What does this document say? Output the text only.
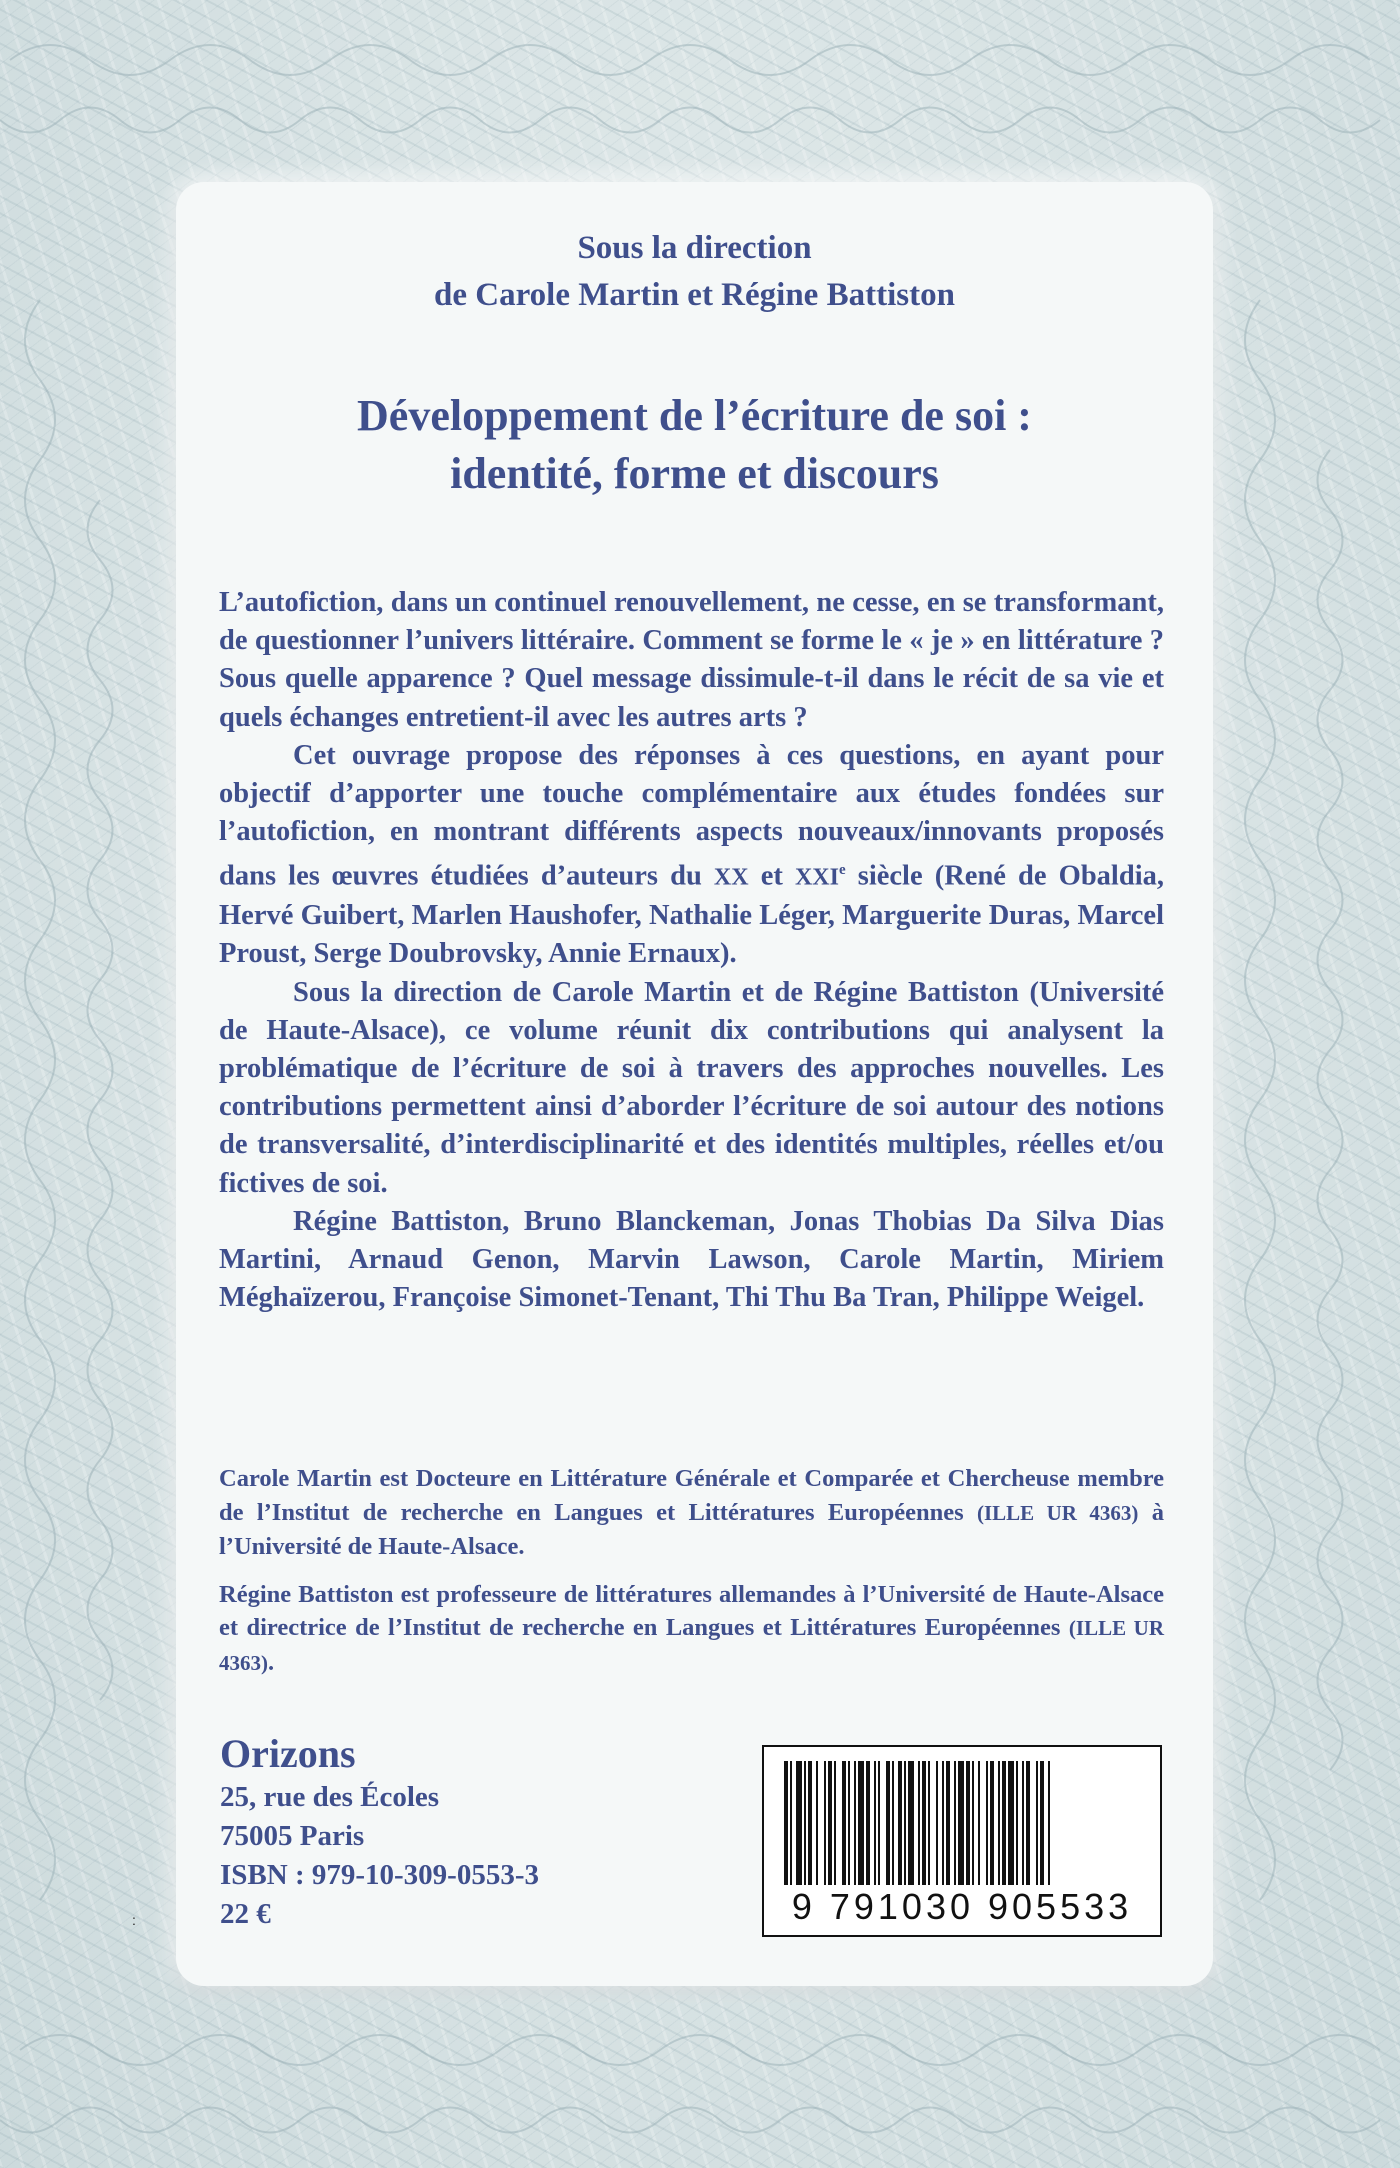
Sous la direction
de Carole Martin et Régine Battiston
Développement de l’écriture de soi :
identité, forme et discours

L’autofiction, dans un continuel renouvellement, ne cesse, en se transformant, de questionner l’univers littéraire. Comment se forme le « je » en littérature ? Sous quelle apparence ? Quel message dissimule-t-il dans le récit de sa vie et quels échanges entretient-il avec les autres arts ?

Cet ouvrage propose des réponses à ces questions, en ayant pour objectif d’apporter une touche complémentaire aux études fondées sur l’autofiction, en montrant différents aspects nouveaux/innovants proposés dans les œuvres étudiées d’auteurs du XX et XXIe siècle (René de Obaldia, Hervé Guibert, Marlen Haushofer, Nathalie Léger, Marguerite Duras, Marcel Proust, Serge Doubrovsky, Annie Ernaux).

Sous la direction de Carole Martin et de Régine Battiston (Université de Haute-Alsace), ce volume réunit dix contributions qui analysent la problématique de l’écriture de soi à travers des approches nouvelles. Les contributions permettent ainsi d’aborder l’écriture de soi autour des notions de transversalité, d’interdisciplinarité et des identités multiples, réelles et/ou fictives de soi.

Régine Battiston, Bruno Blanckeman, Jonas Thobias Da Silva Dias Martini, Arnaud Genon, Marvin Lawson, Carole Martin, Miriem Méghaïzerou, Françoise Simonet-Tenant, Thi Thu Ba Tran, Philippe Weigel.

Carole Martin est Docteure en Littérature Générale et Comparée et Chercheuse membre de l’Institut de recherche en Langues et Littératures Européennes (ILLE UR 4363) à l’Université de Haute-Alsace.

Régine Battiston est professeure de littératures allemandes à l’Université de Haute-Alsace et directrice de l’Institut de recherche en Langues et Littératures Européennes (ILLE UR 4363).

Orizons
25, rue des Écoles
75005 Paris
ISBN : 979-10-309-0553-3
22 €	9 791030 905533
:
